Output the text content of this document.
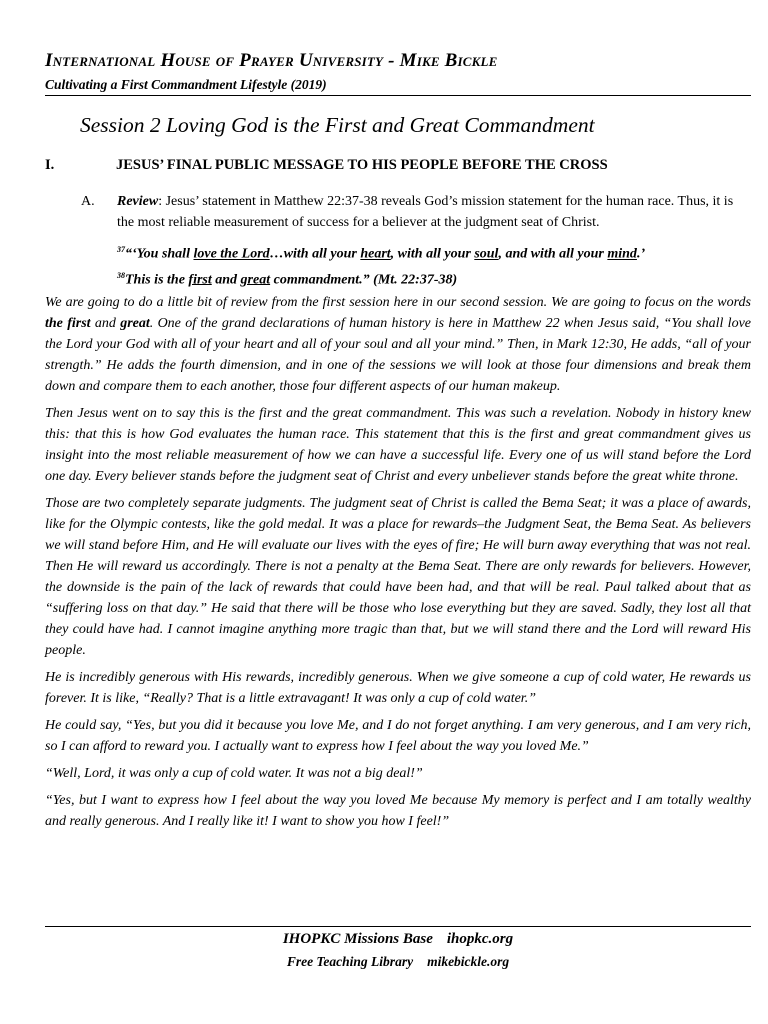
International House of Prayer University - Mike Bickle
Cultivating a First Commandment Lifestyle (2019)
Session 2 Loving God is the First and Great Commandment
I.	JESUS’ FINAL PUBLIC MESSAGE TO HIS PEOPLE BEFORE THE CROSS
A. Review: Jesus’ statement in Matthew 22:37-38 reveals God’s mission statement for the human race. Thus, it is the most reliable measurement of success for a believer at the judgment seat of Christ.
$^{37}$“‘You shall love the Lord…with all your heart, with all your soul, and with all your mind.’
$^{38}$This is the first and great commandment.” (Mt. 22:37-38)

We are going to do a little bit of review from the first session here in our second session. We are going to focus on the words the first and great. One of the grand declarations of human history is here in Matthew 22 when Jesus said, “You shall love the Lord your God with all of your heart and all of your soul and all your mind.” Then, in Mark 12:30, He adds, “all of your strength.” He adds the fourth dimension, and in one of the sessions we will look at those four dimensions and break them down and compare them to each another, those four different aspects of our human makeup.

Then Jesus went on to say this is the first and the great commandment. This was such a revelation. Nobody in history knew this: that this is how God evaluates the human race. This statement that this is the first and great commandment gives us insight into the most reliable measurement of how we can have a successful life. Every one of us will stand before the Lord one day. Every believer stands before the judgment seat of Christ and every unbeliever stands before the great white throne.

Those are two completely separate judgments. The judgment seat of Christ is called the Bema Seat; it was a place of awards, like for the Olympic contests, like the gold medal. It was a place for rewards–the Judgment Seat, the Bema Seat. As believers we will stand before Him, and He will evaluate our lives with the eyes of fire; He will burn away everything that was not real. Then He will reward us accordingly. There is not a penalty at the Bema Seat. There are only rewards for believers. However, the downside is the pain of the lack of rewards that could have been had, and that will be real. Paul talked about that as “suffering loss on that day.” He said that there will be those who lose everything but they are saved. Sadly, they lost all that they could have had. I cannot imagine anything more tragic than that, but we will stand there and the Lord will reward His people.

He is incredibly generous with His rewards, incredibly generous. When we give someone a cup of cold water, He rewards us forever. It is like, “Really? That is a little extravagant! It was only a cup of cold water.”

He could say, “Yes, but you did it because you love Me, and I do not forget anything. I am very generous, and I am very rich, so I can afford to reward you. I actually want to express how I feel about the way you loved Me.”

“Well, Lord, it was only a cup of cold water. It was not a big deal!”

“Yes, but I want to express how I feel about the way you loved Me because My memory is perfect and I am totally wealthy and really generous. And I really like it! I want to show you how I feel!”

IHOPKC Missions Base ihopkc.org
Free Teaching Library mikebickle.org
